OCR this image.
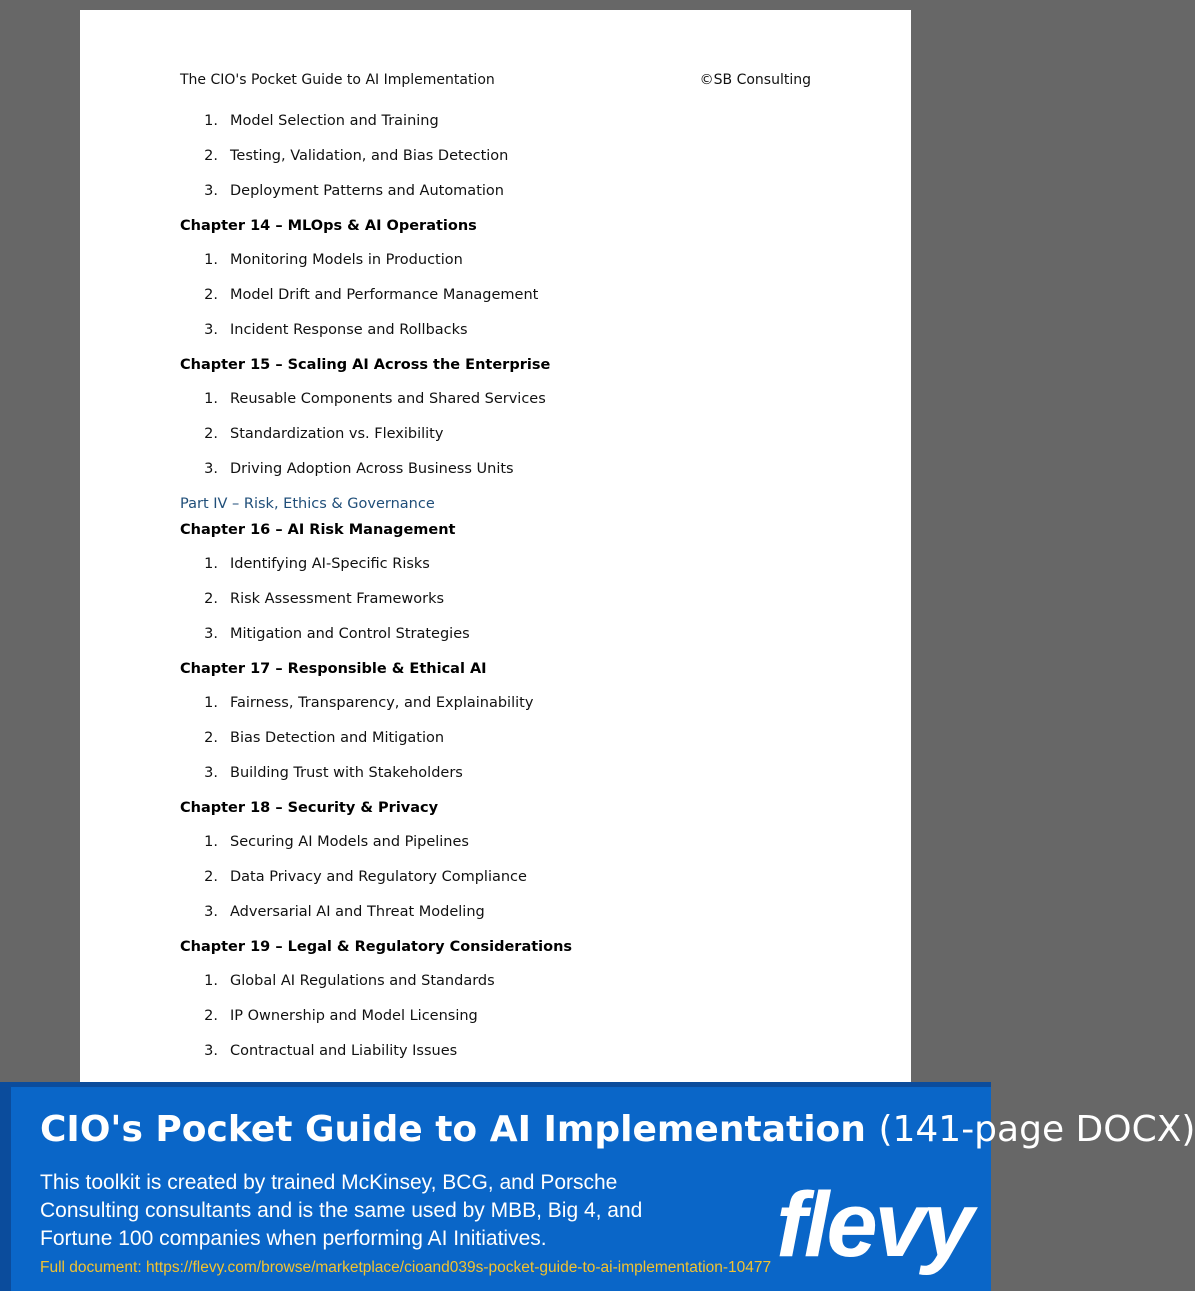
The CIO's Pocket Guide to AI Implementation	©SB Consulting
1. Model Selection and Training
2. Testing, Validation, and Bias Detection
3. Deployment Patterns and Automation
Chapter 14 – MLOps & AI Operations
1. Monitoring Models in Production
2. Model Drift and Performance Management
3. Incident Response and Rollbacks
Chapter 15 – Scaling AI Across the Enterprise
1. Reusable Components and Shared Services
2. Standardization vs. Flexibility
3. Driving Adoption Across Business Units
Part IV – Risk, Ethics & Governance
Chapter 16 – AI Risk Management
1. Identifying AI-Specific Risks
2. Risk Assessment Frameworks
3. Mitigation and Control Strategies
Chapter 17 – Responsible & Ethical AI
1. Fairness, Transparency, and Explainability
2. Bias Detection and Mitigation
3. Building Trust with Stakeholders
Chapter 18 – Security & Privacy
1. Securing AI Models and Pipelines
2. Data Privacy and Regulatory Compliance
3. Adversarial AI and Threat Modeling
Chapter 19 – Legal & Regulatory Considerations
1. Global AI Regulations and Standards
2. IP Ownership and Model Licensing
3. Contractual and Liability Issues
CIO's Pocket Guide to AI Implementation (141-page DOCX)
This toolkit is created by trained McKinsey, BCG, and Porsche Consulting consultants and is the same used by MBB, Big 4, and Fortune 100 companies when performing AI Initiatives.	flevy
Full document: https://flevy.com/browse/marketplace/cioand039s-pocket-guide-to-ai-implementation-10477
